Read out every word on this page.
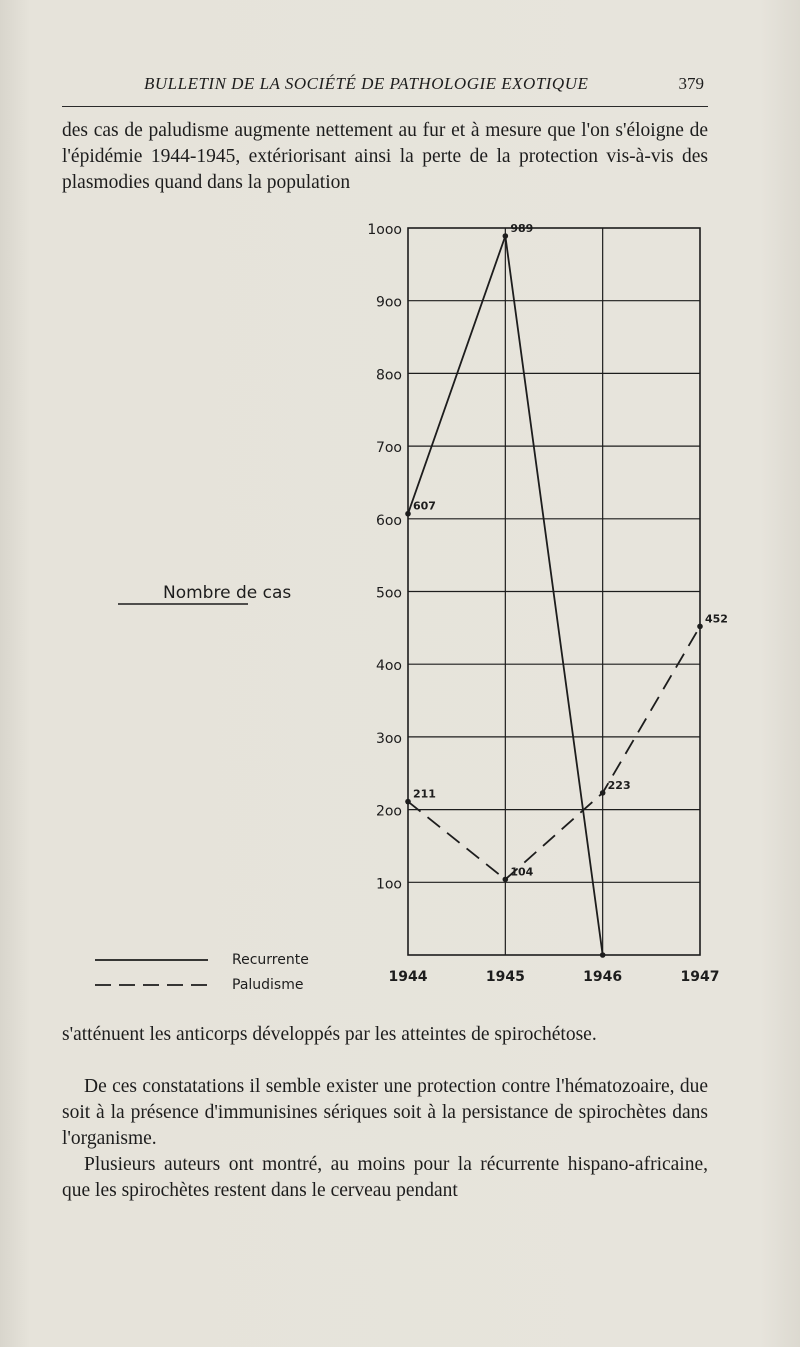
BULLETIN DE LA SOCIÉTÉ DE PATHOLOGIE EXOTIQUE	379

des cas de paludisme augmente nettement au fur et à mesure que l'on s'éloigne de l'épidémie 1944-1945, extériorisant ainsi la perte de la protection vis-à-vis des plasmodies quand dans la population

1oo
2oo
3oo
4oo
5oo
6oo
7oo
8oo
9oo
1ooo
1944	1945	1946	1947
607
989
211
104
223
452
Recurrente
Paludisme
Nombre de cas

s'atténuent les anticorps développés par les atteintes de spirochétose.

De ces constatations il semble exister une protection contre l'hématozoaire, due soit à la présence d'immunisines sériques soit à la persistance de spirochètes dans l'organisme.

Plusieurs auteurs ont montré, au moins pour la récurrente hispano-africaine, que les spirochètes restent dans le cerveau pendant
